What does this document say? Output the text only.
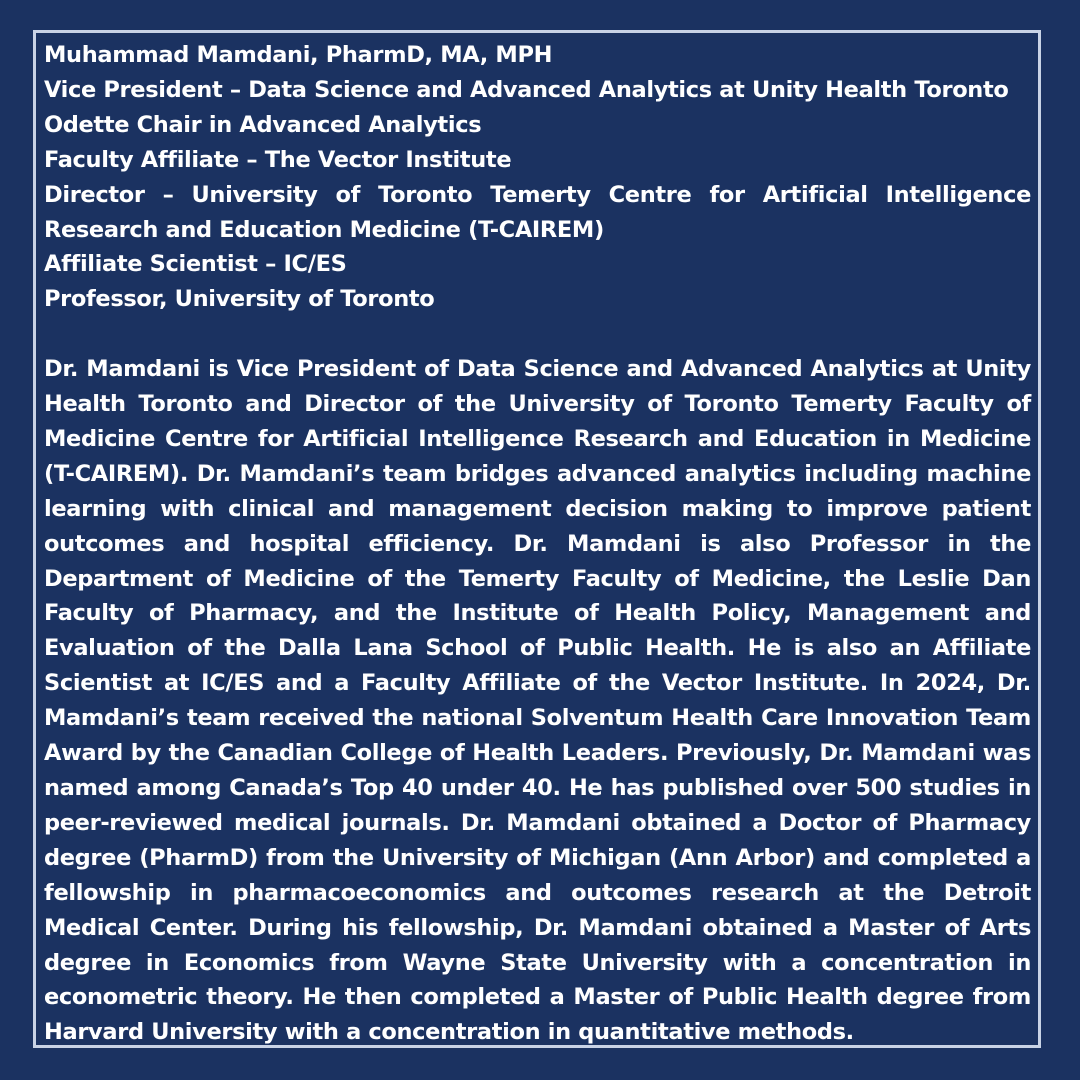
Muhammad Mamdani, PharmD, MA, MPH
Vice President – Data Science and Advanced Analytics at Unity Health Toronto
Odette Chair in Advanced Analytics
Faculty Affiliate – The Vector Institute
Director – University of Toronto Temerty Centre for Artificial Intelligence Research and Education Medicine (T-CAIREM)
Affiliate Scientist – IC/ES
Professor, University of Toronto
Dr. Mamdani is Vice President of Data Science and Advanced Analytics at Unity Health Toronto and Director of the University of Toronto Temerty Faculty of Medicine Centre for Artificial Intelligence Research and Education in Medicine (T-CAIREM). Dr. Mamdani’s team bridges advanced analytics including machine learning with clinical and management decision making to improve patient outcomes and hospital efficiency. Dr. Mamdani is also Professor in the Department of Medicine of the Temerty Faculty of Medicine, the Leslie Dan Faculty of Pharmacy, and the Institute of Health Policy, Management and Evaluation of the Dalla Lana School of Public Health. He is also an Affiliate Scientist at IC/ES and a Faculty Affiliate of the Vector Institute. In 2024, Dr. Mamdani’s team received the national Solventum Health Care Innovation Team Award by the Canadian College of Health Leaders. Previously, Dr. Mamdani was named among Canada’s Top 40 under 40. He has published over 500 studies in peer-reviewed medical journals. Dr. Mamdani obtained a Doctor of Pharmacy degree (PharmD) from the University of Michigan (Ann Arbor) and completed a fellowship in pharmacoeconomics and outcomes research at the Detroit Medical Center. During his fellowship, Dr. Mamdani obtained a Master of Arts degree in Economics from Wayne State University with a concentration in econometric theory. He then completed a Master of Public Health degree from Harvard University with a concentration in quantitative methods.
